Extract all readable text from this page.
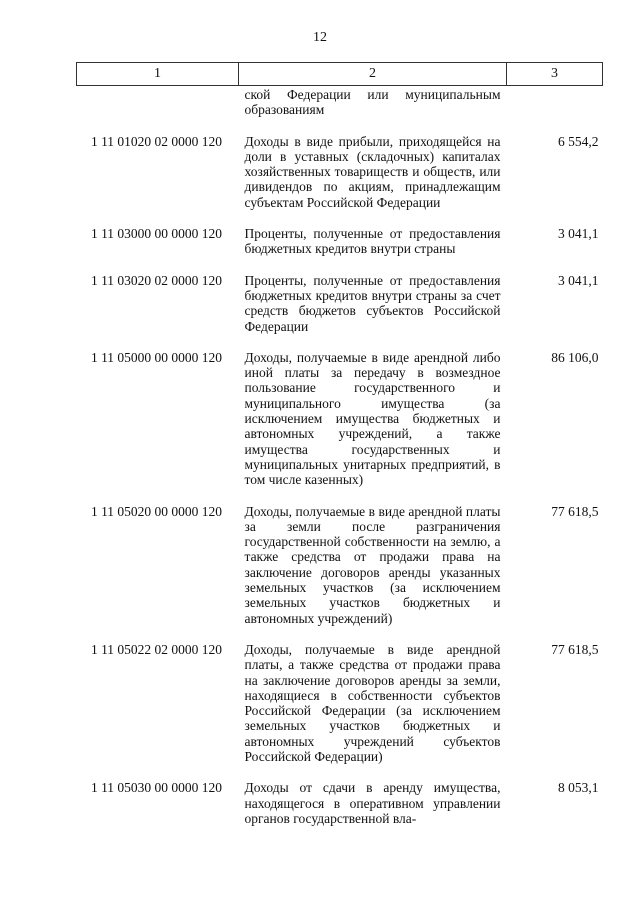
12
1	2	3
	ской Федерации или муниципальным образованиям	
1 11 01020 02 0000 120	Доходы в виде прибыли, приходящейся на доли в уставных (складочных) капиталах хозяйственных товариществ и обществ, или дивидендов по акциям, принадлежащим субъектам Российской Федерации	6 554,2
1 11 03000 00 0000 120	Проценты, полученные от предоставления бюджетных кредитов внутри страны	3 041,1
1 11 03020 02 0000 120	Проценты, полученные от предоставления бюджетных кредитов внутри страны за счет средств бюджетов субъектов Российской Федерации	3 041,1
1 11 05000 00 0000 120	Доходы, получаемые в виде арендной либо иной платы за передачу в возмездное пользование государственного и муниципального имущества (за исключением имущества бюджетных и автономных учреждений, а также имущества государственных и муниципальных унитарных предприятий, в том числе казенных)	86 106,0
1 11 05020 00 0000 120	Доходы, получаемые в виде арендной платы за земли после разграничения государственной собственности на землю, а также средства от продажи права на заключение договоров аренды указанных земельных участков (за исключением земельных участков бюджетных и автономных учреждений)	77 618,5
1 11 05022 02 0000 120	Доходы, получаемые в виде арендной платы, а также средства от продажи права на заключение договоров аренды за земли, находящиеся в собственности субъектов Российской Федерации (за исключением земельных участков бюджетных и автономных учреждений субъектов Российской Федерации)	77 618,5
1 11 05030 00 0000 120	Доходы от сдачи в аренду имущества, находящегося в оперативном управлении органов государственной вла-	8 053,1
